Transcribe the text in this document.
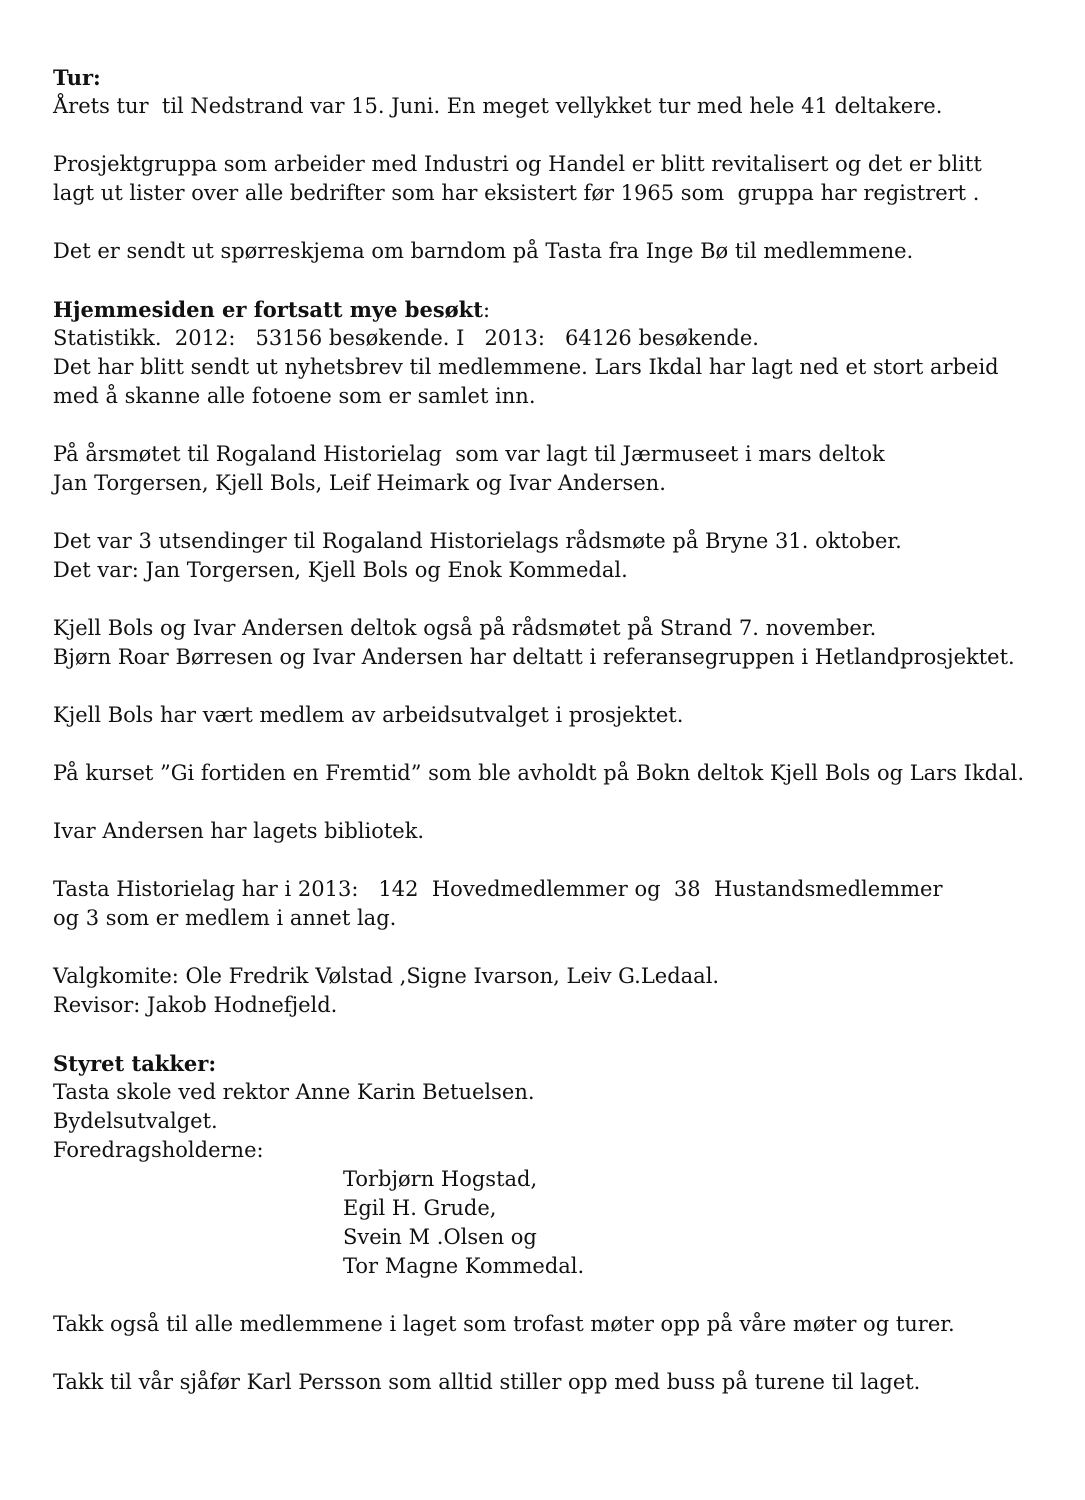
Tur:
Årets tur  til Nedstrand var 15. Juni. En meget vellykket tur med hele 41 deltakere.
Prosjektgruppa som arbeider med Industri og Handel er blitt revitalisert og det er blitt
lagt ut lister over alle bedrifter som har eksistert før 1965 som  gruppa har registrert .
Det er sendt ut spørreskjema om barndom på Tasta fra Inge Bø til medlemmene.
Hjemmesiden er fortsatt mye besøkt:
Statistikk.  2012:   53156 besøkende. I   2013:   64126 besøkende.
Det har blitt sendt ut nyhetsbrev til medlemmene. Lars Ikdal har lagt ned et stort arbeid
med å skanne alle fotoene som er samlet inn.
På årsmøtet til Rogaland Historielag  som var lagt til Jærmuseet i mars deltok
Jan Torgersen, Kjell Bols, Leif Heimark og Ivar Andersen.
Det var 3 utsendinger til Rogaland Historielags rådsmøte på Bryne 31. oktober.
Det var: Jan Torgersen, Kjell Bols og Enok Kommedal.
Kjell Bols og Ivar Andersen deltok også på rådsmøtet på Strand 7. november.
Bjørn Roar Børresen og Ivar Andersen har deltatt i referansegruppen i Hetlandprosjektet.
Kjell Bols har vært medlem av arbeidsutvalget i prosjektet.
På kurset ”Gi fortiden en Fremtid” som ble avholdt på Bokn deltok Kjell Bols og Lars Ikdal.
Ivar Andersen har lagets bibliotek.
Tasta Historielag har i 2013:   142  Hovedmedlemmer og  38  Hustandsmedlemmer
og 3 som er medlem i annet lag.
Valgkomite: Ole Fredrik Vølstad ,Signe Ivarson, Leiv G.Ledaal.
Revisor: Jakob Hodnefjeld.
Styret takker:
Tasta skole ved rektor Anne Karin Betuelsen.
Bydelsutvalget.
Foredragsholderne:
Torbjørn Hogstad,
Egil H. Grude,
Svein M .Olsen og
Tor Magne Kommedal.
Takk også til alle medlemmene i laget som trofast møter opp på våre møter og turer.
Takk til vår sjåfør Karl Persson som alltid stiller opp med buss på turene til laget.
